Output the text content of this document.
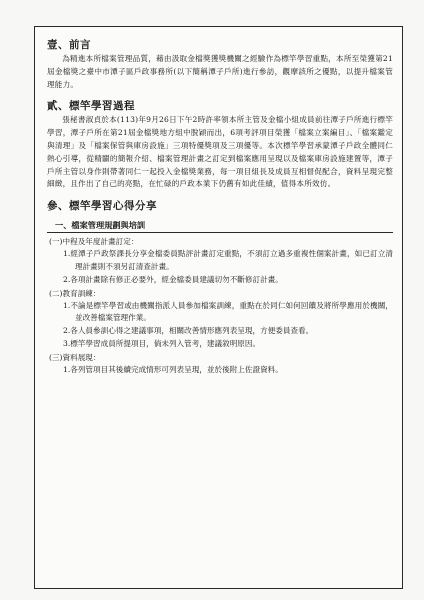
壹、前言

為精進本所檔案管理品質，藉由汲取金檔獎獲獎機關之經驗作為標竿學習重點，本所至榮獲第21屆金檔獎之臺中市潭子區戶政事務所(以下簡稱潭子戶所)進行參訪，觀摩該所之優點，以提升檔案管理能力。

貳、標竿學習過程

張秘書淑貞於本(113)年9月26日下午2時許率領本所主管及金檔小組成員前往潭子戶所進行標竿學習，潭子戶所在第21屆金檔獎地方組中脫穎而出，6項考評項目榮獲「檔案立案編目」、「檔案鑑定與清理」及「檔案保管與庫房設施」三項特優獎項及三項優等。本次標竿學習承蒙潭子戶政全體同仁熱心引導，從精闢的簡報介紹、檔案管理計畫之訂定到檔案應用呈現以及檔案庫房設施建置等，潭子戶所主管以身作則帶著同仁一起投入金檔獎業務，每一項目組長及成員互相督促配合，資料呈現完整細緻，且作出了自己的亮點，在忙碌的戶政本業下仍舊有如此佳績，值得本所效仿。

參、標竿學習心得分享
一、檔案管理規劃與培訓

(一)中程及年度計畫訂定：

1.經潭子戶政祭課長分享金檔委員點評計畫訂定重點，不須訂立過多重複性個案計畫，如已訂立清理計畫則不須另訂清查計畫。

2.各項計畫除有修正必要外，經金檔委員建議切勿不斷修訂計畫。

(二)教育訓練：

1.不論是標竿學習或由機關指派人員參加檔案訓練，重點在於同仁如何回饋及將所學應用於機關，並改善檔案管理作業。

2.各人員參訓心得之建議事項，相關改善情形應列表呈現，方便委員查看。

3.標竿學習成員所提項目，倘未列入管考，建議敘明原因。

(三)資料展現：

1.各列管項目其後續完成情形可列表呈現，並於後附上佐證資料。
